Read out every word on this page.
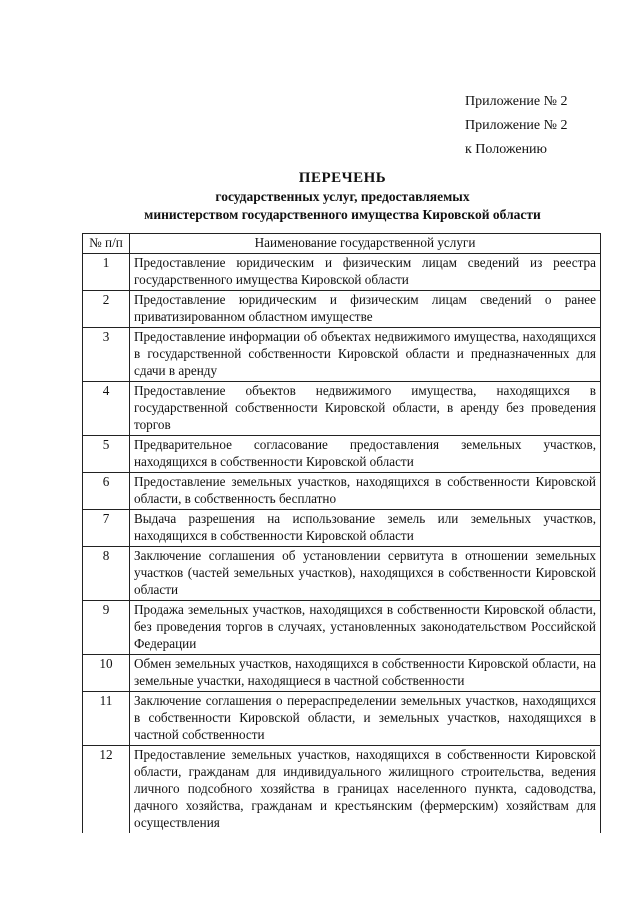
Приложение № 2
Приложение № 2
к Положению
ПЕРЕЧЕНЬ
государственных услуг, предоставляемых
министерством государственного имущества Кировской области
№ п/п	Наименование государственной услуги
1	Предоставление юридическим и физическим лицам сведений из реестра государственного имущества Кировской области
2	Предоставление юридическим и физическим лицам сведений о ранее приватизированном областном имуществе
3	Предоставление информации об объектах недвижимого имущества, находящихся в государственной собственности Кировской области и предназначенных для сдачи в аренду
4	Предоставление объектов недвижимого имущества, находящихся в государственной собственности Кировской области, в аренду без проведения торгов
5	Предварительное согласование предоставления земельных участков, находящихся в собственности Кировской области
6	Предоставление земельных участков, находящихся в собственности Кировской области, в собственность бесплатно
7	Выдача разрешения на использование земель или земельных участков, находящихся в собственности Кировской области
8	Заключение соглашения об установлении сервитута в отношении земельных участков (частей земельных участков), находящихся в собственности Кировской области
9	Продажа земельных участков, находящихся в собственности Кировской области, без проведения торгов в случаях, установленных законодательством Российской Федерации
10	Обмен земельных участков, находящихся в собственности Кировской области, на земельные участки, находящиеся в частной собственности
11	Заключение соглашения о перераспределении земельных участков, находящихся в собственности Кировской области, и земельных участков, находящихся в частной собственности
12	Предоставление земельных участков, находящихся в собственности Кировской области, гражданам для индивидуального жилищного строительства, ведения личного подсобного хозяйства в границах населенного пункта, садоводства, дачного хозяйства, гражданам и крестьянским (фермерским) хозяйствам для осуществления
